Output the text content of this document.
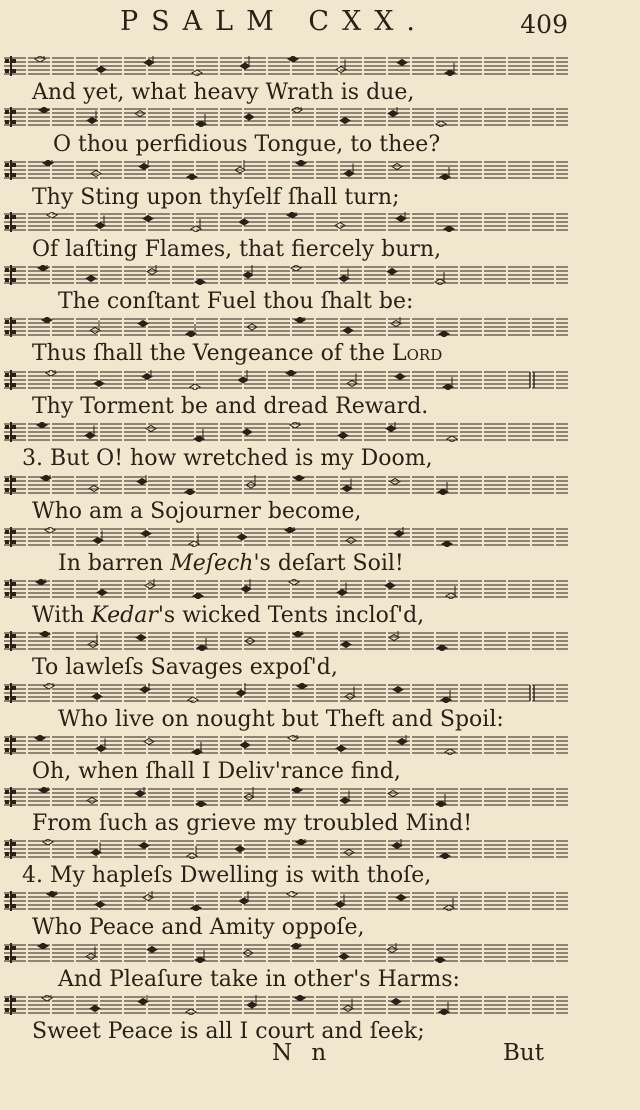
PSALM CXX.	409
And yet, what heavy Wrath is due,
O thou perfidious Tongue, to thee?
Thy Sting upon thyſelf ſhall turn;
Of laſting Flames, that fiercely burn,
The conſtant Fuel thou ſhalt be:
Thus ſhall the Vengeance of the Lord
Thy Torment be and dread Reward.
3. But O! how wretched is my Doom,
Who am a Sojourner become,
In barren Meſech's deſart Soil!
With Kedar's wicked Tents incloſ'd,
To lawleſs Savages expoſ'd,
Who live on nought but Theft and Spoil:
Oh, when ſhall I Deliv'rance find,
From ſuch as grieve my troubled Mind!
4. My hapleſs Dwelling is with thoſe,
Who Peace and Amity oppoſe,
And Pleaſure take in other's Harms:
Sweet Peace is all I court and ſeek;
N n	But
